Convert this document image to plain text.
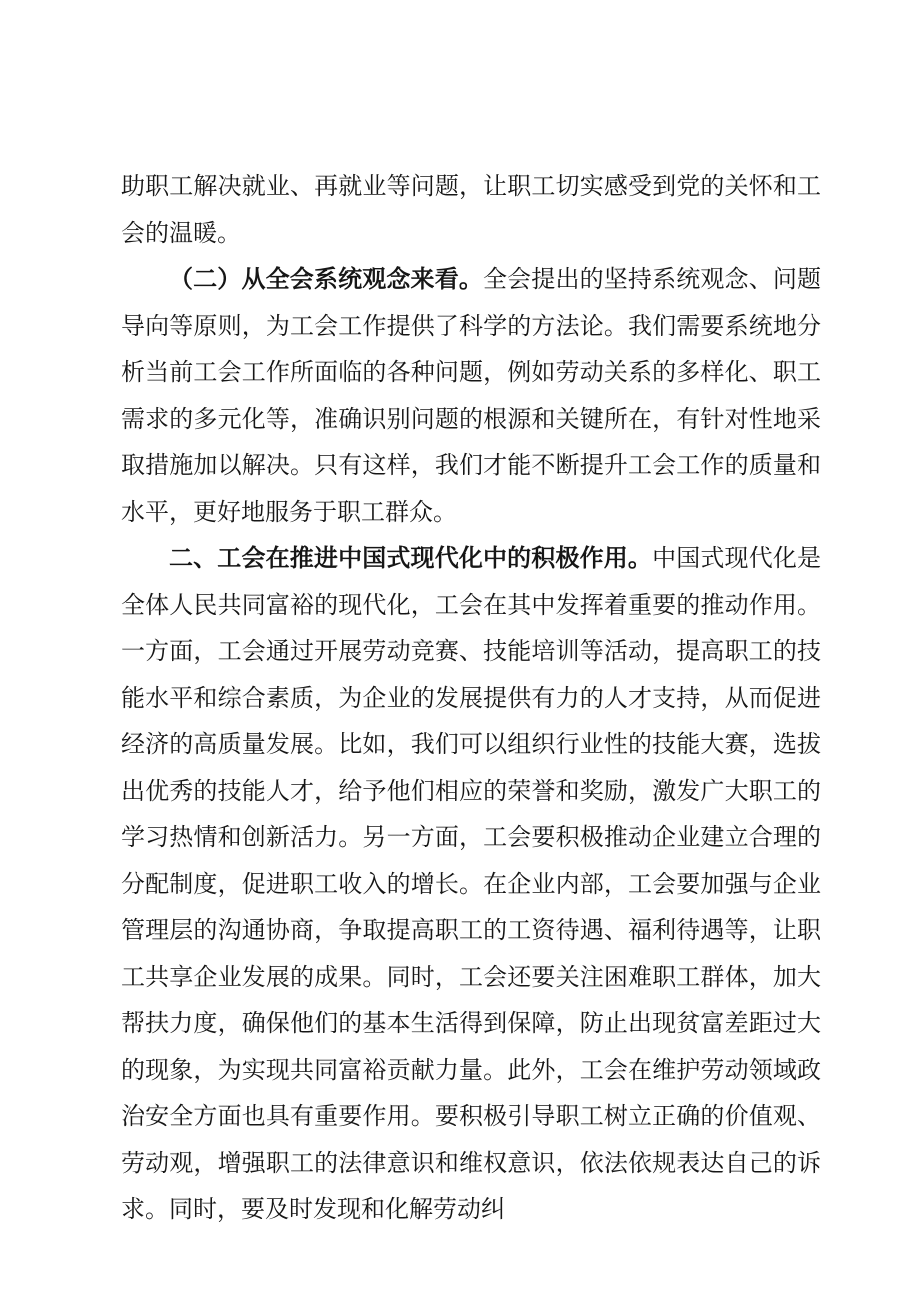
助职工解决就业、再就业等问题，让职工切实感受到党的关怀和工会的温暖。

（二）从全会系统观念来看。全会提出的坚持系统观念、问题导向等原则，为工会工作提供了科学的方法论。我们需要系统地分析当前工会工作所面临的各种问题，例如劳动关系的多样化、职工需求的多元化等，准确识别问题的根源和关键所在，有针对性地采取措施加以解决。只有这样，我们才能不断提升工会工作的质量和水平，更好地服务于职工群众。

二、工会在推进中国式现代化中的积极作用。中国式现代化是全体人民共同富裕的现代化，工会在其中发挥着重要的推动作用。一方面，工会通过开展劳动竞赛、技能培训等活动，提高职工的技能水平和综合素质，为企业的发展提供有力的人才支持，从而促进经济的高质量发展。比如，我们可以组织行业性的技能大赛，选拔出优秀的技能人才，给予他们相应的荣誉和奖励，激发广大职工的学习热情和创新活力。另一方面，工会要积极推动企业建立合理的分配制度，促进职工收入的增长。在企业内部，工会要加强与企业管理层的沟通协商，争取提高职工的工资待遇、福利待遇等，让职工共享企业发展的成果。同时，工会还要关注困难职工群体，加大帮扶力度，确保他们的基本生活得到保障，防止出现贫富差距过大的现象，为实现共同富裕贡献力量。此外，工会在维护劳动领域政治安全方面也具有重要作用。要积极引导职工树立正确的价值观、劳动观，增强职工的法律意识和维权意识，依法依规表达自己的诉求。同时，要及时发现和化解劳动纠
